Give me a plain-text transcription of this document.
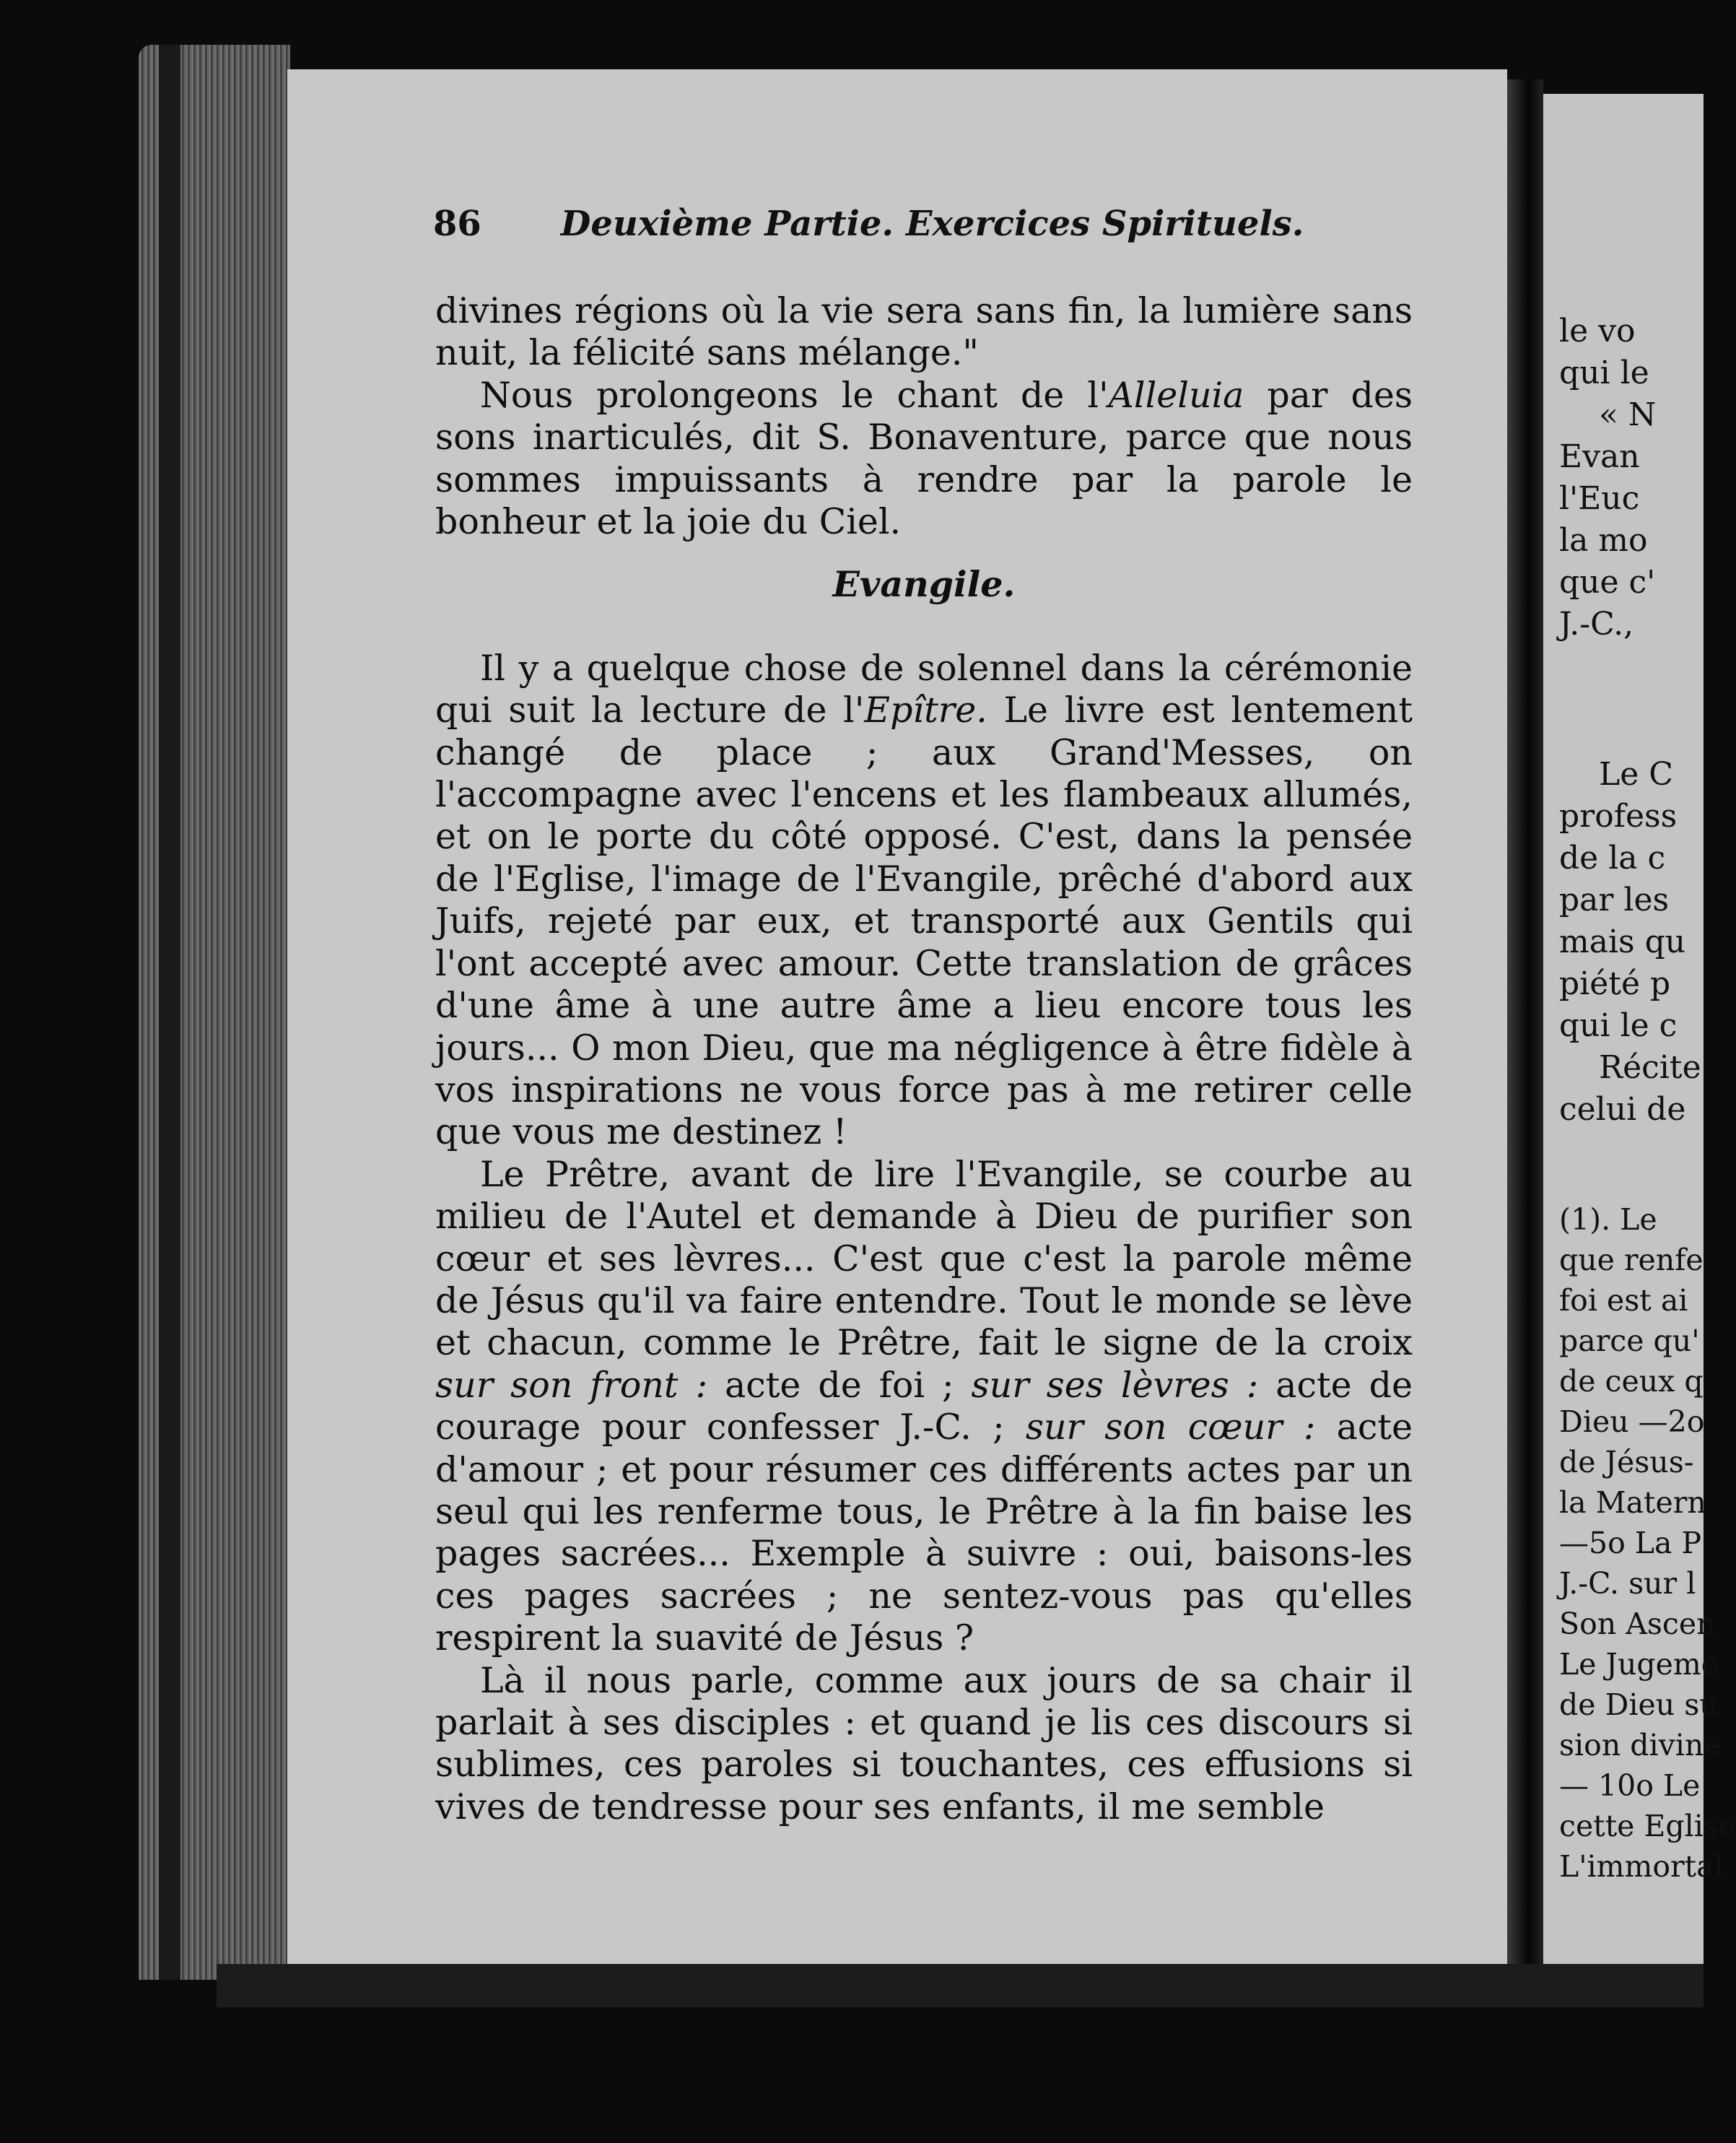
86 Deuxième Partie. Exercices Spirituels.

divines régions où la vie sera sans fin, la lumière sans nuit, la félicité sans mélange."

Nous prolongeons le chant de l'Alleluia par des sons inarticulés, dit S. Bonaventure, parce que nous sommes impuissants à rendre par la parole le bonheur et la joie du Ciel.

Evangile.

Il y a quelque chose de solennel dans la cérémonie qui suit la lecture de l'Epître. Le livre est lentement changé de place ; aux Grand'Messes, on l'accompagne avec l'encens et les flambeaux allumés, et on le porte du côté opposé. C'est, dans la pensée de l'Eglise, l'image de l'Evangile, prêché d'abord aux Juifs, rejeté par eux, et transporté aux Gentils qui l'ont accepté avec amour. Cette translation de grâces d'une âme à une autre âme a lieu encore tous les jours... O mon Dieu, que ma négligence à être fidèle à vos inspirations ne vous force pas à me retirer celle que vous me destinez !

Le Prêtre, avant de lire l'Evangile, se courbe au milieu de l'Autel et demande à Dieu de purifier son cœur et ses lèvres... C'est que c'est la parole même de Jésus qu'il va faire entendre. Tout le monde se lève et chacun, comme le Prêtre, fait le signe de la croix sur son front : acte de foi ; sur ses lèvres : acte de courage pour confesser J.-C. ; sur son cœur : acte d'amour ; et pour résumer ces différents actes par un seul qui les renferme tous, le Prêtre à la fin baise les pages sacrées... Exemple à suivre : oui, baisons-les ces pages sacrées ; ne sentez-vous pas qu'elles respirent la suavité de Jésus ?

Là il nous parle, comme aux jours de sa chair il parlait à ses disciples : et quand je lis ces discours si sublimes, ces paroles si touchantes, ces effusions si vives de tendresse pour ses enfants, il me semble

le vo
qui le
« N
Evan
l'Euc
la mo
que c'
J.-C.,
Le C
profess
de la c
par les
mais qu
piété p
qui le c
Récite
celui de
(1). Le
que renfe
foi est ai
parce qu'
de ceux q
Dieu —2o
de Jésus-
la Matern
—5o La P
J.-C. sur l
Son Ascen
Le Jugeme
de Dieu su
sion divine
— 10o Le
cette Eglise
L'immortal
